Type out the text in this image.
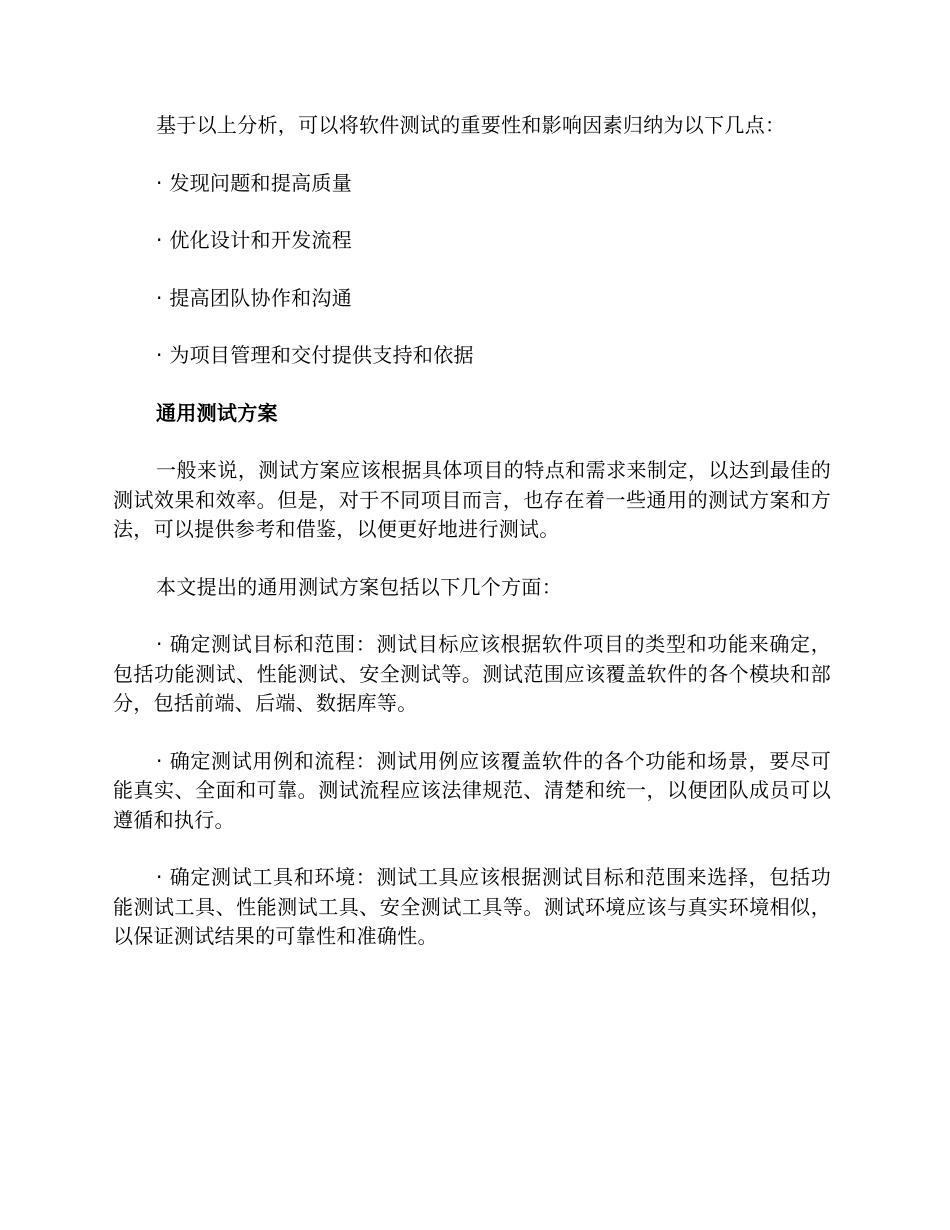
基于以上分析，可以将软件测试的重要性和影响因素归纳为以下几点：

· 发现问题和提高质量

· 优化设计和开发流程

· 提高团队协作和沟通

· 为项目管理和交付提供支持和依据

通用测试方案

一般来说，测试方案应该根据具体项目的特点和需求来制定，以达到最佳的测试效果和效率。但是，对于不同项目而言，也存在着一些通用的测试方案和方法，可以提供参考和借鉴，以便更好地进行测试。

本文提出的通用测试方案包括以下几个方面：

· 确定测试目标和范围：测试目标应该根据软件项目的类型和功能来确定，包括功能测试、性能测试、安全测试等。测试范围应该覆盖软件的各个模块和部分，包括前端、后端、数据库等。

· 确定测试用例和流程：测试用例应该覆盖软件的各个功能和场景，要尽可能真实、全面和可靠。测试流程应该法律规范、清楚和统一，以便团队成员可以遵循和执行。

· 确定测试工具和环境：测试工具应该根据测试目标和范围来选择，包括功能测试工具、性能测试工具、安全测试工具等。测试环境应该与真实环境相似，以保证测试结果的可靠性和准确性。
